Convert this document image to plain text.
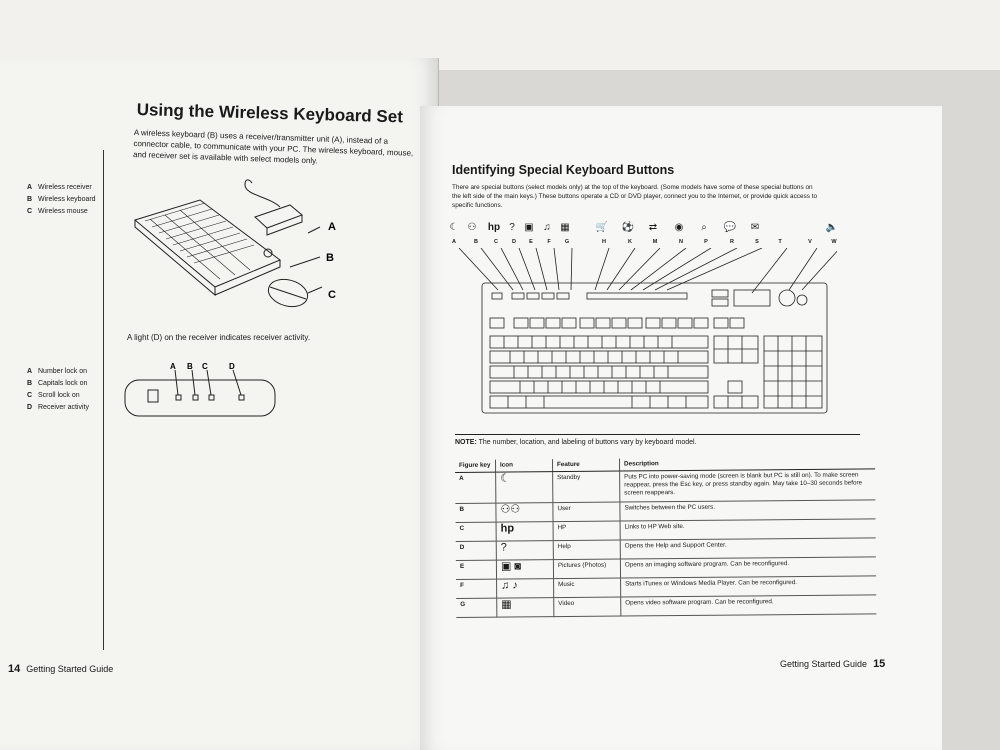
Using the Wireless Keyboard Set

A wireless keyboard (B) uses a receiver/transmitter unit (A), instead of a connector cable, to communicate with your PC. The wireless keyboard, mouse, and receiver set is available with select models only.

A Wireless receiver
B Wireless keyboard
C Wireless mouse
A
B
C

A light (D) on the receiver indicates receiver activity.

A Number lock on
B Capitals lock on
C Scroll lock on
D Receiver activity
A B C	D
14 Getting Started Guide
Identifying Special Keyboard Buttons

There are special buttons (select models only) at the top of the keyboard. (Some models have some of these special buttons on the left side of the main keys.) These buttons operate a CD or DVD player, connect you to the Internet, or provide quick access to specific functions.

☾
A
⚇
B
hp
C
?
D
▣
E
♫
F
▦
G
🛒
H
⚽
K
⇄
M
◉
N
⌕
P
💬
R
✉
S	T	V
🔈
W

NOTE: The number, location, and labeling of buttons vary by keyboard model.

Figure key	Icon	Feature	Description
A	☾	Standby	Puts PC into power-saving mode (screen is blank but PC is still on). To make screen reappear, press the Esc key, or press standby again. May take 10–30 seconds before screen reappears.
B	⚇⚇	User	Switches between the PC users.
C	hp	HP	Links to HP Web site.
D	?	Help	Opens the Help and Support Center.
E	▣ ◙	Pictures (Photos)	Opens an imaging software program. Can be reconfigured.
F	♫ ♪	Music	Starts iTunes or Windows Media Player. Can be reconfigured.
G	▦	Video	Opens video software program. Can be reconfigured.
Getting Started Guide 15
